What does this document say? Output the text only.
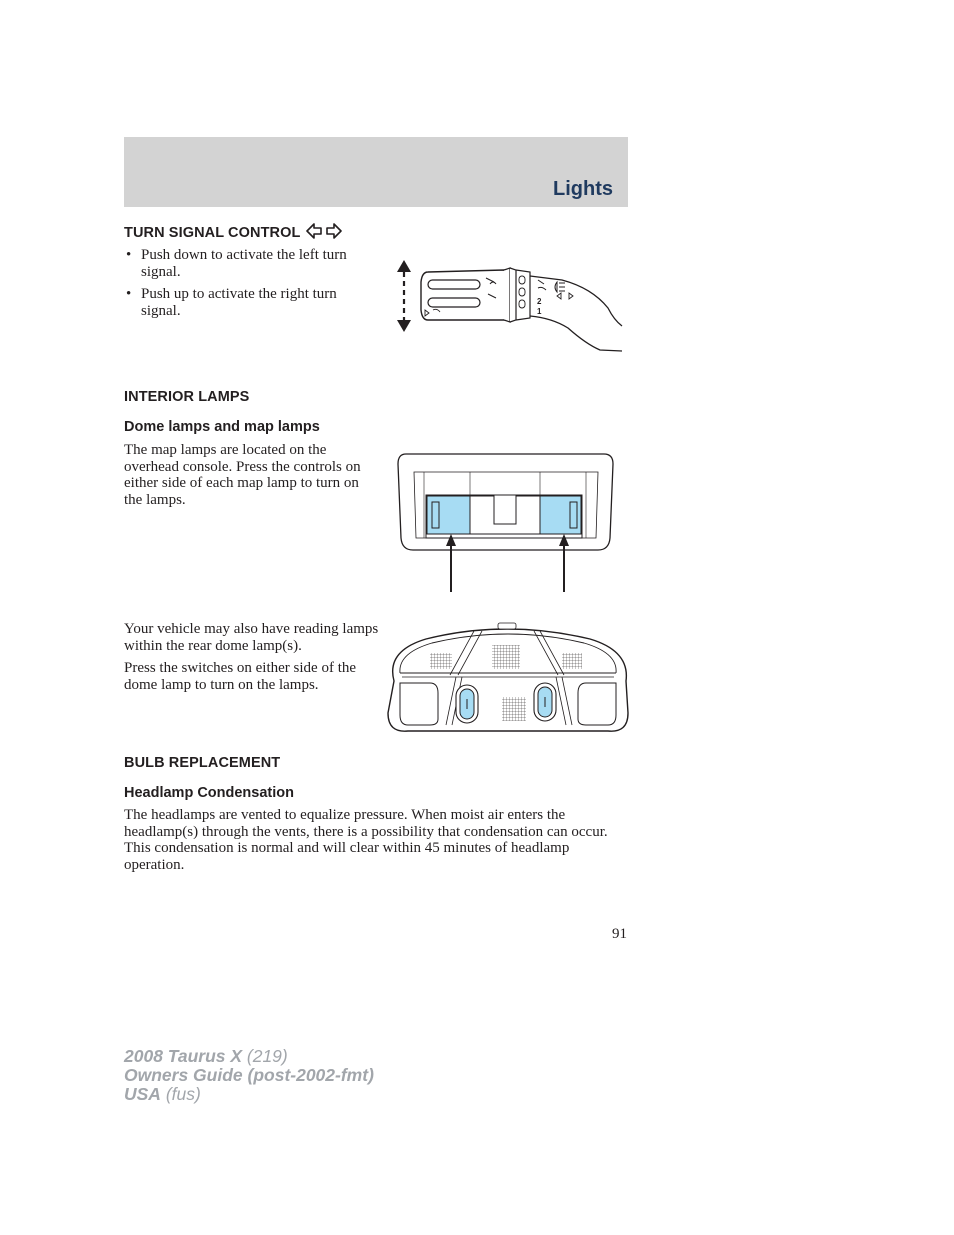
Lights
TURN SIGNAL CONTROL
• Push down to activate the left turn signal.
• Push up to activate the right turn signal.
2
1
INTERIOR LAMPS
Dome lamps and map lamps

The map lamps are located on the overhead console. Press the controls on either side of each map lamp to turn on the lamps.

Your vehicle may also have reading lamps within the rear dome lamp(s).

Press the switches on either side of the dome lamp to turn on the lamps.

BULB REPLACEMENT
Headlamp Condensation

The headlamps are vented to equalize pressure. When moist air enters the headlamp(s) through the vents, there is a possibility that condensation can occur. This condensation is normal and will clear within 45 minutes of headlamp operation.

91

2008 Taurus X (219)
Owners Guide (post-2002-fmt)
USA (fus)
